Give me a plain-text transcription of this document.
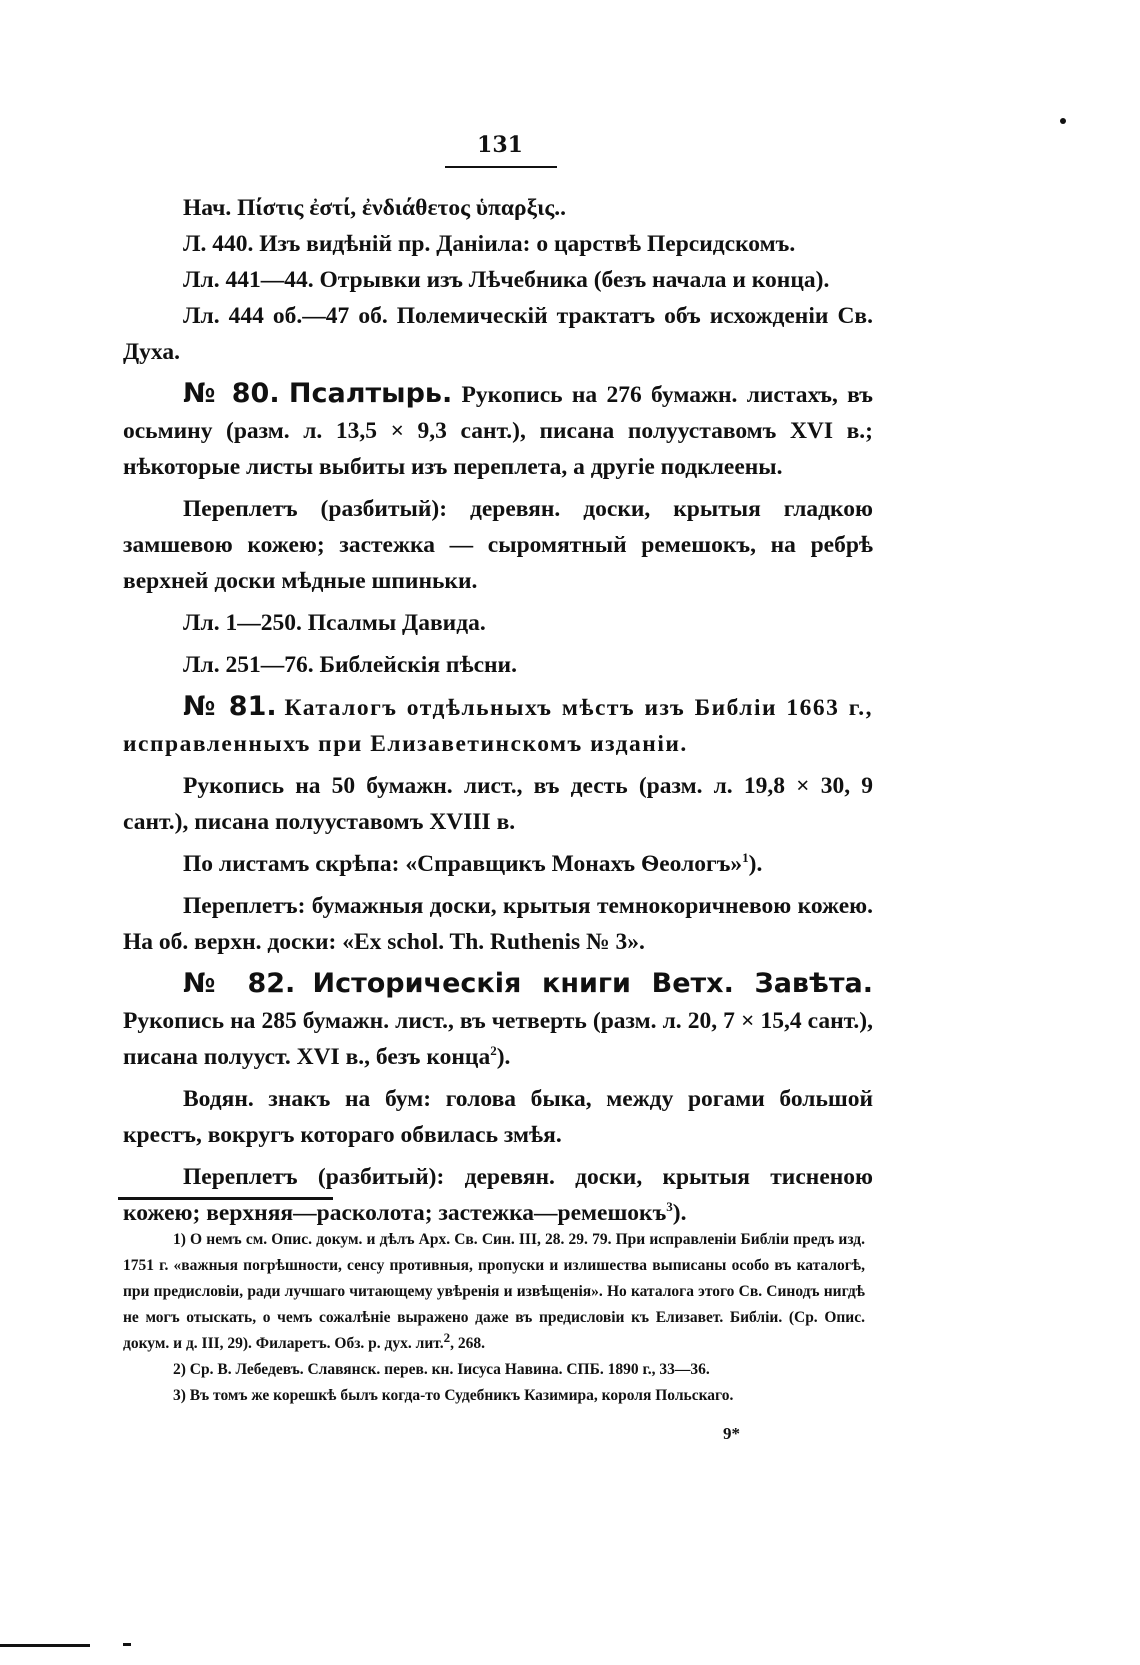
131

Нач. Πίστις ἐστί, ἐνδιάθετος ὑπαρξις..

Л. 440. Изъ видѣній пр. Даніила: о царствѣ Персидскомъ.

Лл. 441—44. Отрывки изъ Лѣчебника (безъ начала и конца).

Лл. 444 об.—47 об. Полемическій трактатъ объ исхожденіи Св. Духа.

№ 80. Псалтырь. Рукопись на 276 бумажн. листахъ, въ осьмину (разм. л. 13,5 × 9,3 сант.), писана полууставомъ XVI в.; нѣкоторые листы выбиты изъ переплета, а другіе подклеены.

Переплетъ (разбитый): деревян. доски, крытыя гладкою замшевою кожею; застежка — сыромятный ремешокъ, на ребрѣ верхней доски мѣдные шпиньки.

Лл. 1—250. Псалмы Давида.

Лл. 251—76. Библейскія пѣсни.

№ 81. Каталогъ отдѣльныхъ мѣстъ изъ Библіи 1663 г., исправленныхъ при Елизаветинскомъ изданіи.

Рукопись на 50 бумажн. лист., въ десть (разм. л. 19,8 × 30, 9 сант.), писана полууставомъ XVIII в.

По листамъ скрѣпа: «Справщикъ Монахъ Ѳеологъ»$^1$).

Переплетъ: бумажныя доски, крытыя темнокоричневою кожею. На об. верхн. доски: «Ex schol. Th. Ruthenis № 3».

№ 82. Историческія книги Ветх. Завѣта. Рукопись на 285 бумажн. лист., въ четверть (разм. л. 20, 7 × 15,4 сант.), писана полууст. XVI в., безъ конца$^2$).

Водян. знакъ на бум: голова быка, между рогами большой крестъ, вокругъ котораго обвилась змѣя.

Переплетъ (разбитый): деревян. доски, крытыя тисненою кожею; верхняя—расколота; застежка—ремешокъ$^3$).

1) О немъ см. Опис. докум. и дѣлъ Арх. Св. Син. III, 28. 29. 79. При исправленіи Библіи предъ изд. 1751 г. «важныя погрѣшности, сенсу противныя, пропуски и излишества выписаны особо въ каталогѣ, при предисловіи, ради лучшаго читающему увѣренія и извѣщенія». Но каталога этого Св. Синодъ нигдѣ не могъ отыскать, о чемъ сожалѣніе выражено даже въ предисловіи къ Елизавет. Библіи. (Ср. Опис. докум. и д. III, 29). Филаретъ. Обз. р. дух. лит.$^2$, 268.

2) Ср. В. Лебедевъ. Славянск. перев. кн. Іисуса Навина. СПБ. 1890 г., 33—36.

3) Въ томъ же корешкѣ былъ когда-то Судебникъ Казимира, короля Польскаго.

9*
